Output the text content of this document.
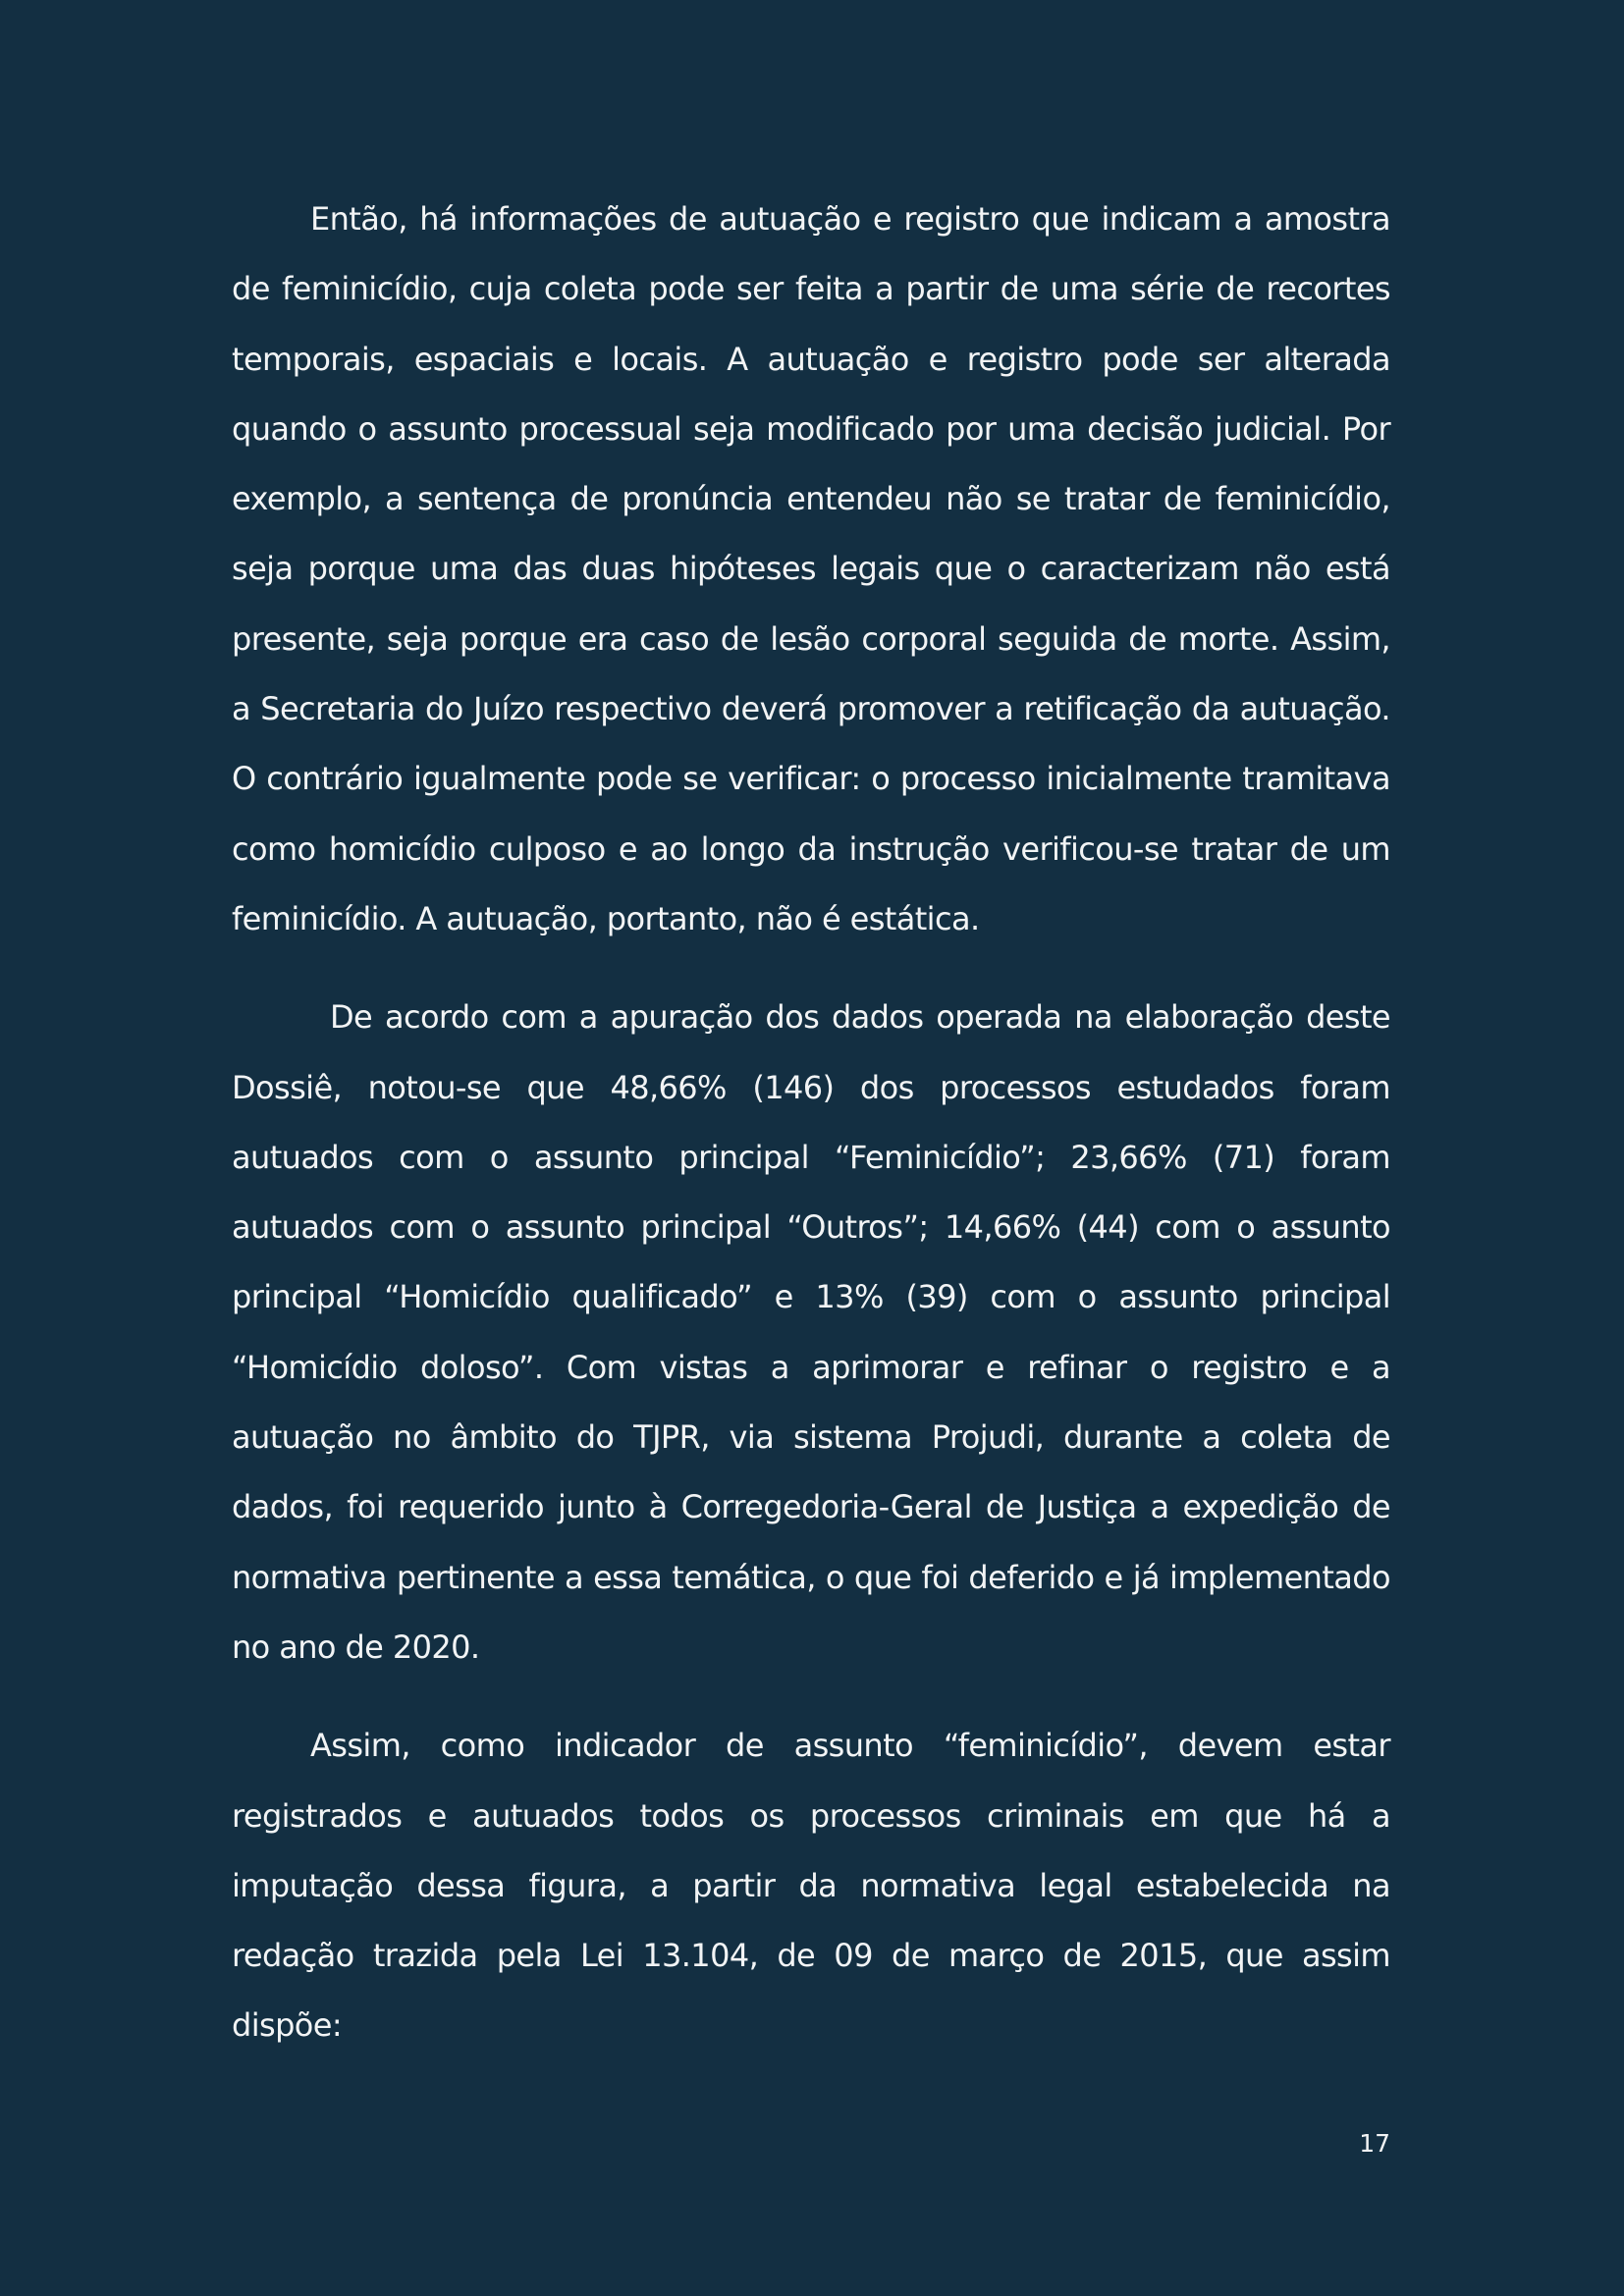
Então, há informações de autuação e registro que indicam a amostra de feminicídio, cuja coleta pode ser feita a partir de uma série de recortes temporais, espaciais e locais. A autuação e registro pode ser alterada quando o assunto processual seja modificado por uma decisão judicial. Por exemplo, a sentença de pronúncia entendeu não se tratar de feminicídio, seja porque uma das duas hipóteses legais que o caracterizam não está presente, seja porque era caso de lesão corporal seguida de morte. Assim, a Secretaria do Juízo respectivo deverá promover a retificação da autuação. O contrário igualmente pode se verificar: o processo inicialmente tramitava como homicídio culposo e ao longo da instrução verificou-se tratar de um feminicídio. A autuação, portanto, não é estática.

De acordo com a apuração dos dados operada na elaboração deste Dossiê, notou-se que 48,66% (146) dos processos estudados foram autuados com o assunto principal “Feminicídio”; 23,66% (71) foram autuados com o assunto principal “Outros”; 14,66% (44) com o assunto principal “Homicídio qualificado” e 13% (39) com o assunto principal “Homicídio doloso”. Com vistas a aprimorar e refinar o registro e a autuação no âmbito do TJPR, via sistema Projudi, durante a coleta de dados, foi requerido junto à Corregedoria-Geral de Justiça a expedição de normativa pertinente a essa temática, o que foi deferido e já implementado no ano de 2020.

Assim, como indicador de assunto “feminicídio”, devem estar registrados e autuados todos os processos criminais em que há a imputação dessa figura, a partir da normativa legal estabelecida na redação trazida pela Lei 13.104, de 09 de março de 2015, que assim dispõe:

17
